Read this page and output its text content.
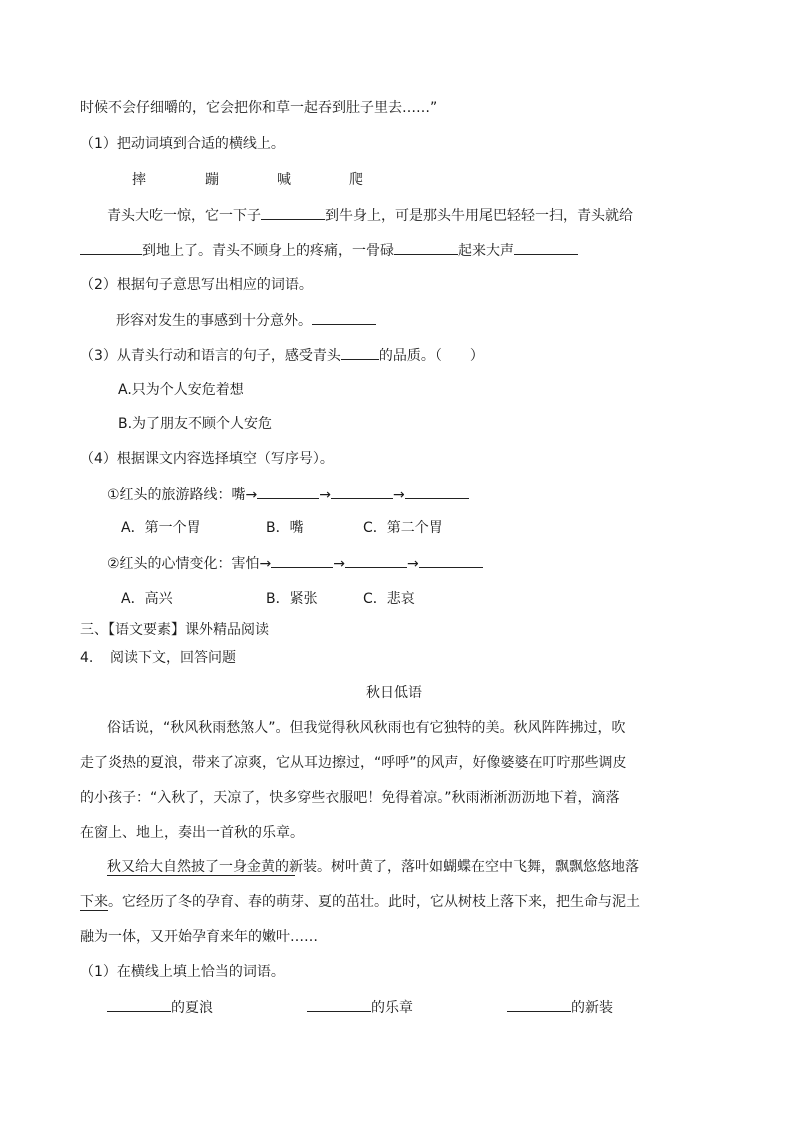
时候不会仔细嚼的，它会把你和草一起吞到肚子里去……”
（1）把动词填到合适的横线上。
摔	蹦	喊	爬
青头大吃一惊，它一下子	到牛身上，可是那头牛用尾巴轻轻一扫，青头就给
到地上了。青头不顾身上的疼痛，一骨碌	起来大声
（2）根据句子意思写出相应的词语。
形容对发生的事感到十分意外。
（3）从青头行动和语言的句子，感受青头	的品质。（　　）
A.只为个人安危着想
B.为了朋友不顾个人安危
（4）根据课文内容选择填空（写序号）。
①红头的旅游路线：嘴→	→	→
A．第一个胃	B．嘴	C．第二个胃
②红头的心情变化：害怕→	→	→
A．高兴	B．紧张	C．悲哀
三、【语文要素】课外精品阅读
4. 阅读下文，回答问题
秋日低语
俗话说，“秋风秋雨愁煞人”。但我觉得秋风秋雨也有它独特的美。秋风阵阵拂过，吹
走了炎热的夏浪，带来了凉爽，它从耳边擦过，“呼呼”的风声，好像婆婆在叮咛那些调皮
的小孩子：“入秋了，天凉了，快多穿些衣服吧！免得着凉。”秋雨淅淅沥沥地下着，滴落
在窗上、地上，奏出一首秋的乐章。
秋又给大自然披了一身金黄的新装。树叶黄了，落叶如蝴蝶在空中飞舞，飘飘悠悠地落
下来。它经历了冬的孕育、春的萌芽、夏的茁壮。此时，它从树枝上落下来，把生命与泥土
融为一体，又开始孕育来年的嫩叶……
（1）在横线上填上恰当的词语。
的夏浪	的乐章	的新装
